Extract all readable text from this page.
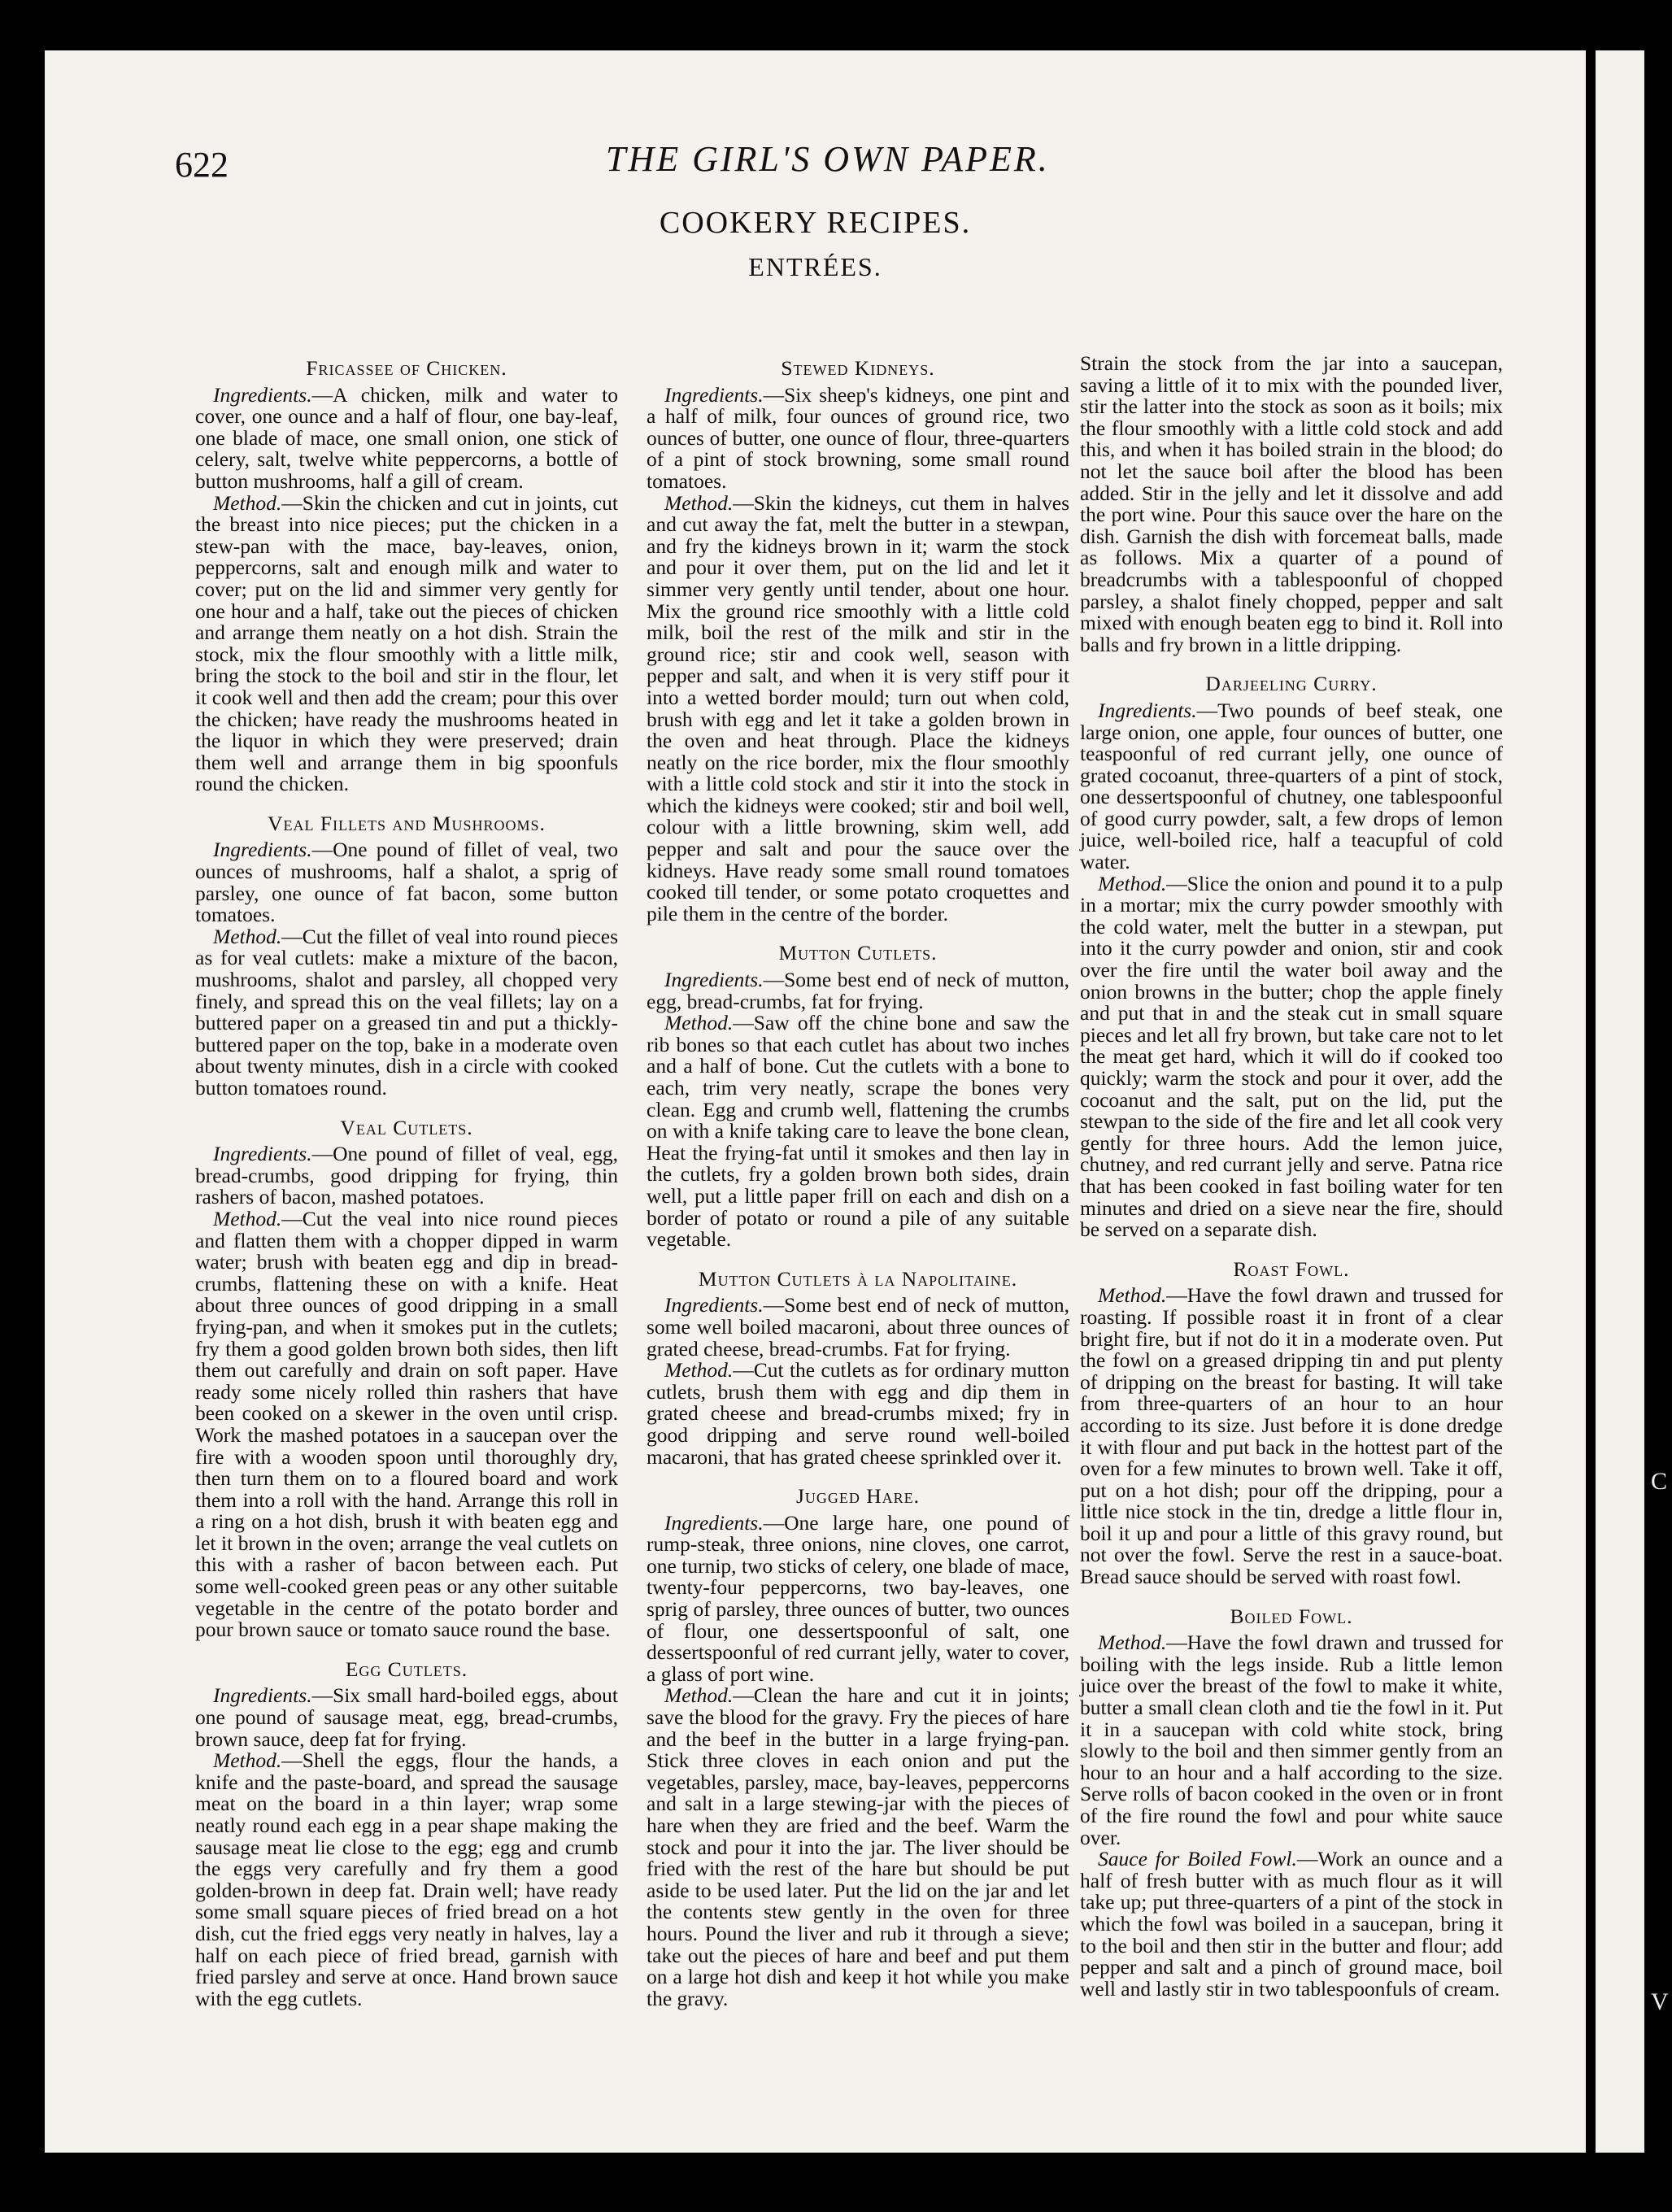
622	THE GIRL'S OWN PAPER.
COOKERY RECIPES.
ENTRÉES.
Fricassee of Chicken.

Ingredients.—A chicken, milk and water to cover, one ounce and a half of flour, one bay-leaf, one blade of mace, one small onion, one stick of celery, salt, twelve white peppercorns, a bottle of button mushrooms, half a gill of cream.

Method.—Skin the chicken and cut in joints, cut the breast into nice pieces; put the chicken in a stew-pan with the mace, bay-leaves, onion, peppercorns, salt and enough milk and water to cover; put on the lid and simmer very gently for one hour and a half, take out the pieces of chicken and arrange them neatly on a hot dish. Strain the stock, mix the flour smoothly with a little milk, bring the stock to the boil and stir in the flour, let it cook well and then add the cream; pour this over the chicken; have ready the mushrooms heated in the liquor in which they were preserved; drain them well and arrange them in big spoonfuls round the chicken.

Veal Fillets and Mushrooms.

Ingredients.—One pound of fillet of veal, two ounces of mushrooms, half a shalot, a sprig of parsley, one ounce of fat bacon, some button tomatoes.

Method.—Cut the fillet of veal into round pieces as for veal cutlets: make a mixture of the bacon, mushrooms, shalot and parsley, all chopped very finely, and spread this on the veal fillets; lay on a buttered paper on a greased tin and put a thickly-buttered paper on the top, bake in a moderate oven about twenty minutes, dish in a circle with cooked button tomatoes round.

Veal Cutlets.

Ingredients.—One pound of fillet of veal, egg, bread-crumbs, good dripping for frying, thin rashers of bacon, mashed potatoes.

Method.—Cut the veal into nice round pieces and flatten them with a chopper dipped in warm water; brush with beaten egg and dip in bread-crumbs, flattening these on with a knife. Heat about three ounces of good dripping in a small frying-pan, and when it smokes put in the cutlets; fry them a good golden brown both sides, then lift them out carefully and drain on soft paper. Have ready some nicely rolled thin rashers that have been cooked on a skewer in the oven until crisp. Work the mashed potatoes in a saucepan over the fire with a wooden spoon until thoroughly dry, then turn them on to a floured board and work them into a roll with the hand. Arrange this roll in a ring on a hot dish, brush it with beaten egg and let it brown in the oven; arrange the veal cutlets on this with a rasher of bacon between each. Put some well-cooked green peas or any other suitable vegetable in the centre of the potato border and pour brown sauce or tomato sauce round the base.

Egg Cutlets.

Ingredients.—Six small hard-boiled eggs, about one pound of sausage meat, egg, bread-crumbs, brown sauce, deep fat for frying.

Method.—Shell the eggs, flour the hands, a knife and the paste-board, and spread the sausage meat on the board in a thin layer; wrap some neatly round each egg in a pear shape making the sausage meat lie close to the egg; egg and crumb the eggs very carefully and fry them a good golden-brown in deep fat. Drain well; have ready some small square pieces of fried bread on a hot dish, cut the fried eggs very neatly in halves, lay a half on each piece of fried bread, garnish with fried parsley and serve at once. Hand brown sauce with the egg cutlets.

Stewed Kidneys.

Ingredients.—Six sheep's kidneys, one pint and a half of milk, four ounces of ground rice, two ounces of butter, one ounce of flour, three-quarters of a pint of stock browning, some small round tomatoes.

Method.—Skin the kidneys, cut them in halves and cut away the fat, melt the butter in a stewpan, and fry the kidneys brown in it; warm the stock and pour it over them, put on the lid and let it simmer very gently until tender, about one hour. Mix the ground rice smoothly with a little cold milk, boil the rest of the milk and stir in the ground rice; stir and cook well, season with pepper and salt, and when it is very stiff pour it into a wetted border mould; turn out when cold, brush with egg and let it take a golden brown in the oven and heat through. Place the kidneys neatly on the rice border, mix the flour smoothly with a little cold stock and stir it into the stock in which the kidneys were cooked; stir and boil well, colour with a little browning, skim well, add pepper and salt and pour the sauce over the kidneys. Have ready some small round tomatoes cooked till tender, or some potato croquettes and pile them in the centre of the border.

Mutton Cutlets.

Ingredients.—Some best end of neck of mutton, egg, bread-crumbs, fat for frying.

Method.—Saw off the chine bone and saw the rib bones so that each cutlet has about two inches and a half of bone. Cut the cutlets with a bone to each, trim very neatly, scrape the bones very clean. Egg and crumb well, flattening the crumbs on with a knife taking care to leave the bone clean, Heat the frying-fat until it smokes and then lay in the cutlets, fry a golden brown both sides, drain well, put a little paper frill on each and dish on a border of potato or round a pile of any suitable vegetable.

Mutton Cutlets à la Napolitaine.

Ingredients.—Some best end of neck of mutton, some well boiled macaroni, about three ounces of grated cheese, bread-crumbs. Fat for frying.

Method.—Cut the cutlets as for ordinary mutton cutlets, brush them with egg and dip them in grated cheese and bread-crumbs mixed; fry in good dripping and serve round well-boiled macaroni, that has grated cheese sprinkled over it.

Jugged Hare.

Ingredients.—One large hare, one pound of rump-steak, three onions, nine cloves, one carrot, one turnip, two sticks of celery, one blade of mace, twenty-four peppercorns, two bay-leaves, one sprig of parsley, three ounces of butter, two ounces of flour, one dessertspoonful of salt, one dessertspoonful of red currant jelly, water to cover, a glass of port wine.

Method.—Clean the hare and cut it in joints; save the blood for the gravy. Fry the pieces of hare and the beef in the butter in a large frying-pan. Stick three cloves in each onion and put the vegetables, parsley, mace, bay-leaves, peppercorns and salt in a large stewing-jar with the pieces of hare when they are fried and the beef. Warm the stock and pour it into the jar. The liver should be fried with the rest of the hare but should be put aside to be used later. Put the lid on the jar and let the contents stew gently in the oven for three hours. Pound the liver and rub it through a sieve; take out the pieces of hare and beef and put them on a large hot dish and keep it hot while you make the gravy.

Strain the stock from the jar into a saucepan, saving a little of it to mix with the pounded liver, stir the latter into the stock as soon as it boils; mix the flour smoothly with a little cold stock and add this, and when it has boiled strain in the blood; do not let the sauce boil after the blood has been added. Stir in the jelly and let it dissolve and add the port wine. Pour this sauce over the hare on the dish. Garnish the dish with forcemeat balls, made as follows. Mix a quarter of a pound of breadcrumbs with a tablespoonful of chopped parsley, a shalot finely chopped, pepper and salt mixed with enough beaten egg to bind it. Roll into balls and fry brown in a little dripping.

Darjeeling Curry.

Ingredients.—Two pounds of beef steak, one large onion, one apple, four ounces of butter, one teaspoonful of red currant jelly, one ounce of grated cocoanut, three-quarters of a pint of stock, one dessertspoonful of chutney, one tablespoonful of good curry powder, salt, a few drops of lemon juice, well-boiled rice, half a teacupful of cold water.

Method.—Slice the onion and pound it to a pulp in a mortar; mix the curry powder smoothly with the cold water, melt the butter in a stewpan, put into it the curry powder and onion, stir and cook over the fire until the water boil away and the onion browns in the butter; chop the apple finely and put that in and the steak cut in small square pieces and let all fry brown, but take care not to let the meat get hard, which it will do if cooked too quickly; warm the stock and pour it over, add the cocoanut and the salt, put on the lid, put the stewpan to the side of the fire and let all cook very gently for three hours. Add the lemon juice, chutney, and red currant jelly and serve. Patna rice that has been cooked in fast boiling water for ten minutes and dried on a sieve near the fire, should be served on a separate dish.

Roast Fowl.

Method.—Have the fowl drawn and trussed for roasting. If possible roast it in front of a clear bright fire, but if not do it in a moderate oven. Put the fowl on a greased dripping tin and put plenty of dripping on the breast for basting. It will take from three-quarters of an hour to an hour according to its size. Just before it is done dredge it with flour and put back in the hottest part of the oven for a few minutes to brown well. Take it off, put on a hot dish; pour off the dripping, pour a little nice stock in the tin, dredge a little flour in, boil it up and pour a little of this gravy round, but not over the fowl. Serve the rest in a sauce-boat. Bread sauce should be served with roast fowl.

Boiled Fowl.

Method.—Have the fowl drawn and trussed for boiling with the legs inside. Rub a little lemon juice over the breast of the fowl to make it white, butter a small clean cloth and tie the fowl in it. Put it in a saucepan with cold white stock, bring slowly to the boil and then simmer gently from an hour to an hour and a half according to the size. Serve rolls of bacon cooked in the oven or in front of the fire round the fowl and pour white sauce over.

Sauce for Boiled Fowl.—Work an ounce and a half of fresh butter with as much flour as it will take up; put three-quarters of a pint of the stock in which the fowl was boiled in a saucepan, bring it to the boil and then stir in the butter and flour; add pepper and salt and a pinch of ground mace, boil well and lastly stir in two tablespoonfuls of cream.

C
V
